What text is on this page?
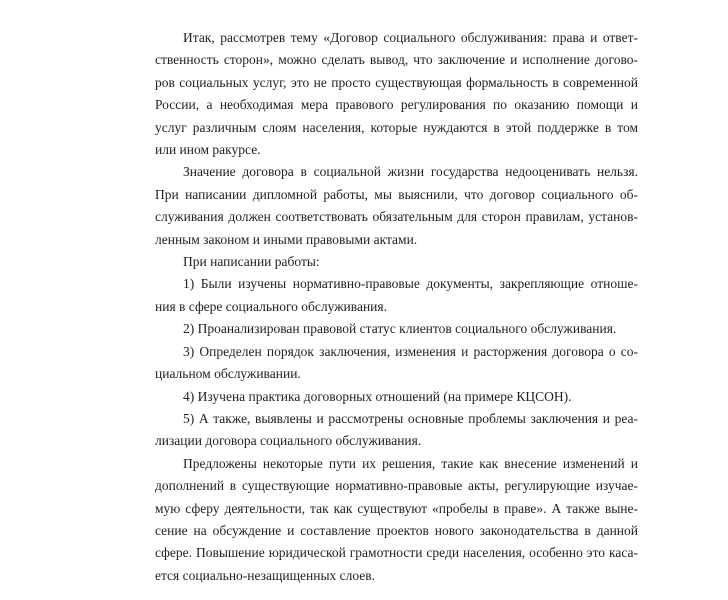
Итак, рассмотрев тему «Договор социального обслуживания: права и ответ-
ственность сторон», можно сделать вывод, что заключение и исполнение догово-
ров социальных услуг, это не просто существующая формальность в современной
России, а необходимая мера правового регулирования по оказанию помощи и
услуг различным слоям населения, которые нуждаются в этой поддержке в том
или ином ракурсе.
Значение договора в социальной жизни государства недооценивать нельзя.
При написании дипломной работы, мы выяснили, что договор социального об-
служивания должен соответствовать обязательным для сторон правилам, установ-
ленным законом и иными правовыми актами.
При написании работы:
1) Были изучены нормативно-правовые документы, закрепляющие отноше-
ния в сфере социального обслуживания.
2) Проанализирован правовой статус клиентов социального обслуживания.
3) Определен порядок заключения, изменения и расторжения договора о со-
циальном обслуживании.
4) Изучена практика договорных отношений (на примере КЦСОН).
5) А также, выявлены и рассмотрены основные проблемы заключения и реа-
лизации договора социального обслуживания.
Предложены некоторые пути их решения, такие как внесение изменений и
дополнений в существующие нормативно-правовые акты, регулирующие изучае-
мую сферу деятельности, так как существуют «пробелы в праве». А также выне-
сение на обсуждение и составление проектов нового законодательства в данной
сфере. Повышение юридической грамотности среди населения, особенно это каса-
ется социально-незащищенных слоев.
